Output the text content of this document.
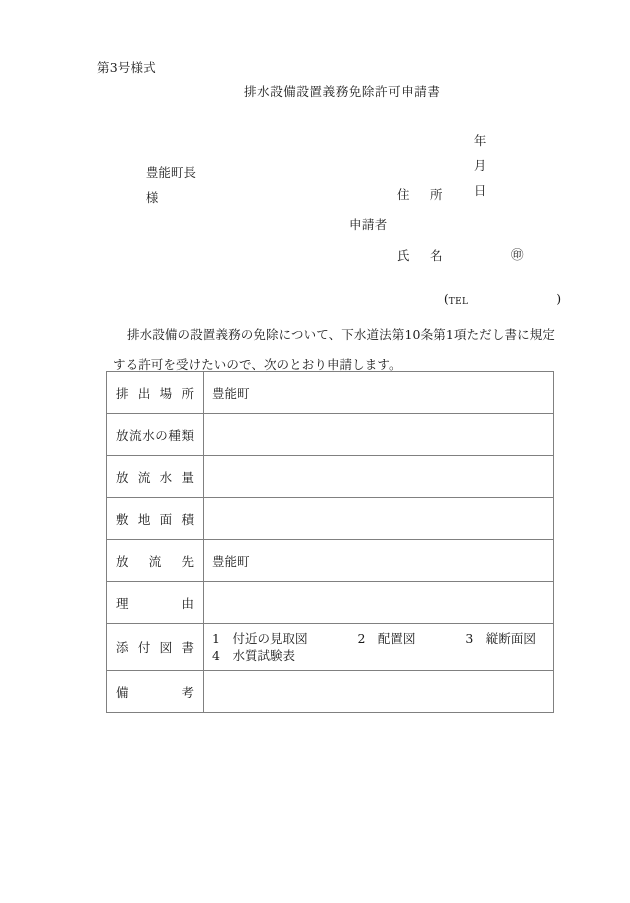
第3号様式
排水設備設置義務免除許可申請書

年

月

日

豊能町長

様

申請者
住　所
氏　名	㊞

(TEL	)

排水設備の設置義務の免除について、下水道法第10条第1項ただし書に規定する許可を受けたいので、次のとおり申請します。
排 出 場 所	豊能町

放 流 水 の 種 類

放 流 水 量	

敷 地 面 積	

放 流 先	豊能町

理 由	

添 付 図 書	1　付近の見取図　　　　2　配置図　　　　3　縦断面図
4　水質試験表

備 考	
